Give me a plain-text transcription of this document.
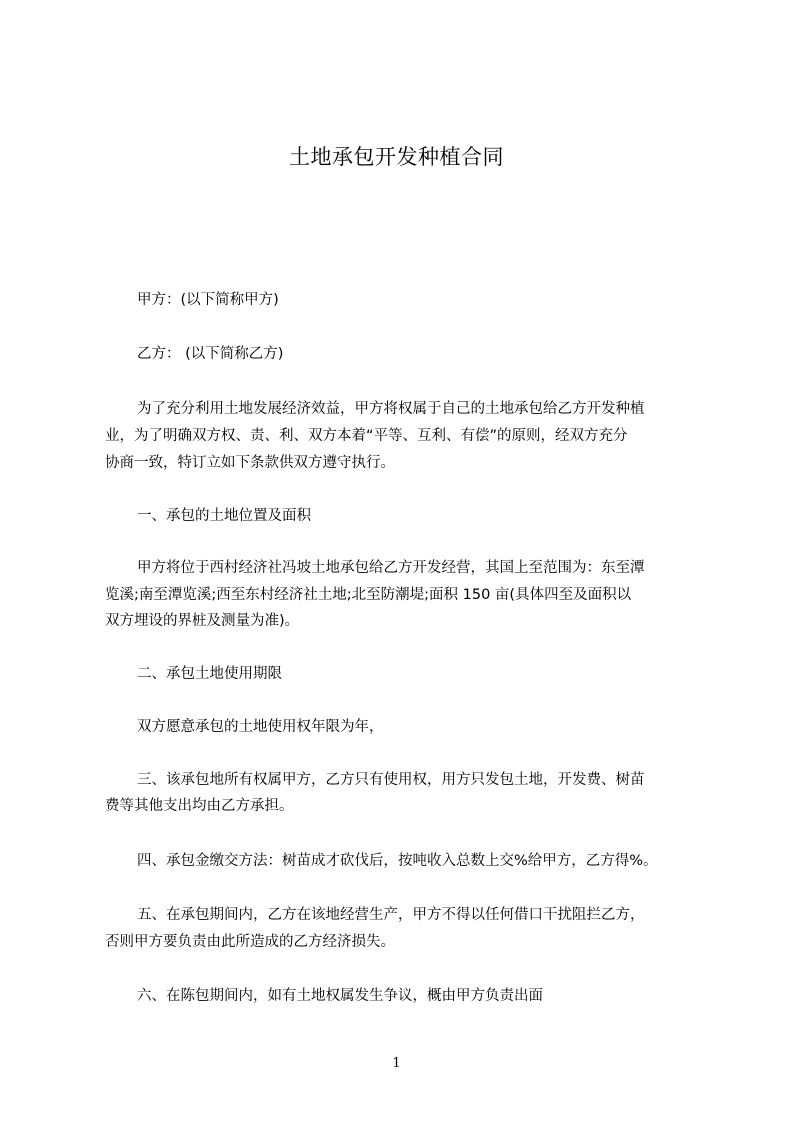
土地承包开发种植合同
甲方：(以下简称甲方)
乙方： (以下简称乙方)
为了充分利用土地发展经济效益，甲方将权属于自己的土地承包给乙方开发种植
业，为了明确双方权、责、利、双方本着“平等、互利、有偿”的原则，经双方充分
协商一致，特订立如下条款供双方遵守执行。
一、承包的土地位置及面积
甲方将位于西村经济社冯坡土地承包给乙方开发经营，其国上至范围为：东至潭
览溪;南至潭览溪;西至东村经济社土地;北至防潮堤;面积 150 亩(具体四至及面积以
双方埋设的界桩及测量为准)。
二、承包土地使用期限
双方愿意承包的土地使用权年限为年，
三、该承包地所有权属甲方，乙方只有使用权，用方只发包土地，开发费、树苗
费等其他支出均由乙方承担。
四、承包金缴交方法：树苗成才砍伐后，按吨收入总数上交%给甲方，乙方得%。
五、在承包期间内，乙方在该地经营生产，甲方不得以任何借口干扰阻拦乙方，
否则甲方要负责由此所造成的乙方经济损失。
六、在陈包期间内，如有土地权属发生争议，概由甲方负责出面
1
